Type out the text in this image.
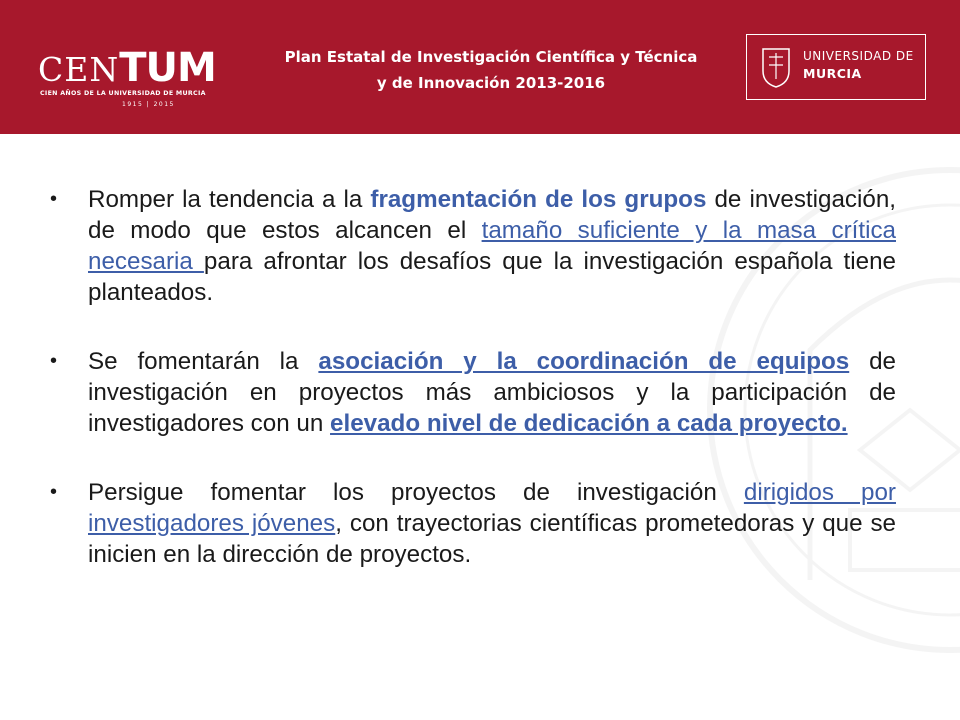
CENTUM
CIEN AÑOS DE LA UNIVERSIDAD DE MURCIA
1915 | 2015
Plan Estatal de Investigación Científica y Técnica
y de Innovación 2013-2016
UNIVERSIDAD DE
MURCIA
• Romper la tendencia a la fragmentación de los grupos de investigación, de modo que estos alcancen el tamaño suficiente y la masa crítica necesaria para afrontar los desafíos que la investigación española tiene planteados.
• Se fomentarán la asociación y la coordinación de equipos de investigación en proyectos más ambiciosos y la participación de investigadores con un elevado nivel de dedicación a cada proyecto.
• Persigue fomentar los proyectos de investigación dirigidos por investigadores jóvenes, con trayectorias científicas prometedoras y que se inicien en la dirección de proyectos.
